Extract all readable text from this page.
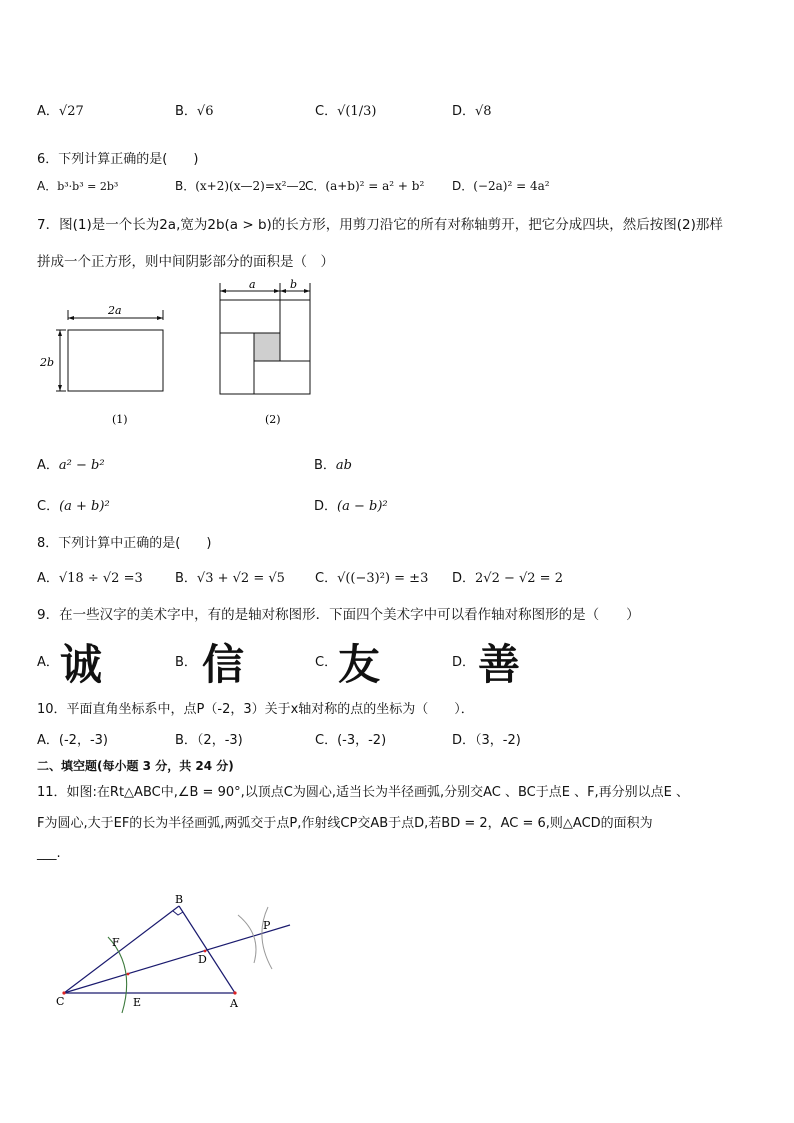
A．√27	B．√6	C．√(1/3)	D．√8
6．下列计算正确的是(　　)
A．b³·b³ = 2b³	B．(x+2)(x—2)=x²—2
C．(a+b)² = a² + b² D．(−2a)² = 4a²
7．图(1)是一个长为2a,宽为2b(a > b)的长方形，用剪刀沿它的所有对称轴剪开，把它分成四块，然后按图(2)那样
拼成一个正方形，则中间阴影部分的面积是（　）
2a
2b
(1)
a	b
(2)
A．a² − b²	B．ab
C．(a + b)²	D．(a − b)²
8．下列计算中正确的是(　　)
A．√18 ÷ √2 =3 B．√3 + √2 = √5 C．√((−3)²) = ±3 D．2√2 − √2 = 2
9．在一些汉字的美术字中，有的是轴对称图形．下面四个美术字中可以看作轴对称图形的是（　　）
A． 诚	B． 信	C． 友	D． 善
10．平面直角坐标系中，点P（-2，3）关于x轴对称的点的坐标为（　　）．
A．(-2，-3)	B．（2，-3)	C．(-3，-2)	D．（3，-2)
二、填空题(每小题 3 分，共 24 分)
11．如图:在Rt△ABC中,∠B = 90°,以顶点C为圆心,适当长为半径画弧,分别交AC 、BC于点E 、F,再分别以点E 、
F为圆心,大于EF的长为半径画弧,两弧交于点P,作射线CP交AB于点D,若BD = 2，AC = 6,则△ACD的面积为
___.
B
F
P
D
C	E	A
